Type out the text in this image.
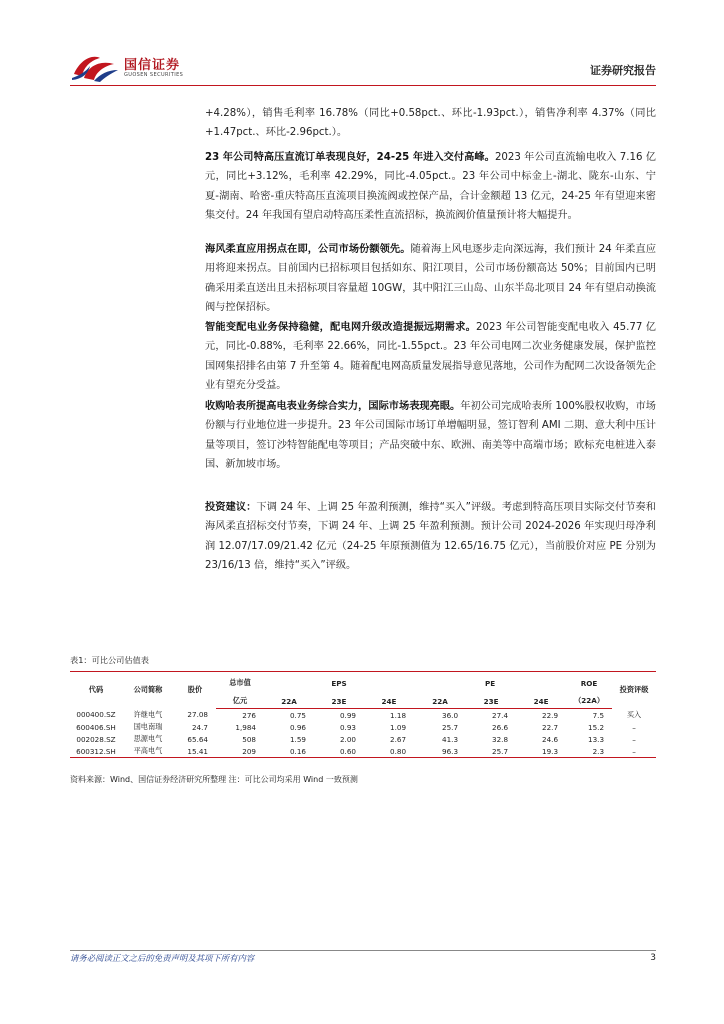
国信证券
GUOSEN SECURITIES	证券研究报告

+4.28%），销售毛利率 16.78%（同比+0.58pct.、环比-1.93pct.），销售净利率 4.37%（同比+1.47pct.、环比-2.96pct.）。

23 年公司特高压直流订单表现良好，24-25 年进入交付高峰。2023 年公司直流输电收入 7.16 亿元，同比+3.12%，毛利率 42.29%，同比-4.05pct.。23 年公司中标金上-湖北、陇东-山东、宁夏-湖南、哈密-重庆特高压直流项目换流阀或控保产品，合计金额超 13 亿元，24-25 年有望迎来密集交付。24 年我国有望启动特高压柔性直流招标，换流阀价值量预计将大幅提升。

海风柔直应用拐点在即，公司市场份额领先。随着海上风电逐步走向深远海，我们预计 24 年柔直应用将迎来拐点。目前国内已招标项目包括如东、阳江项目，公司市场份额高达 50%；目前国内已明确采用柔直送出且未招标项目容量超 10GW，其中阳江三山岛、山东半岛北项目 24 年有望启动换流阀与控保招标。

智能变配电业务保持稳健，配电网升级改造提振远期需求。2023 年公司智能变配电收入 45.77 亿元，同比-0.88%，毛利率 22.66%，同比-1.55pct.。23 年公司电网二次业务健康发展，保护监控国网集招排名由第 7 升至第 4。随着配电网高质量发展指导意见落地，公司作为配网二次设备领先企业有望充分受益。

收购哈表所提高电表业务综合实力，国际市场表现亮眼。年初公司完成哈表所 100%股权收购，市场份额与行业地位进一步提升。23 年公司国际市场订单增幅明显，签订智利 AMI 二期、意大利中压计量等项目，签订沙特智能配电等项目；产品突破中东、欧洲、南美等中高端市场；欧标充电桩进入泰国、新加坡市场。

投资建议：下调 24 年、上调 25 年盈利预测，维持“买入”评级。考虑到特高压项目实际交付节奏和海风柔直招标交付节奏，下调 24 年、上调 25 年盈利预测。预计公司 2024-2026 年实现归母净利润 12.07/17.09/21.42 亿元（24-25 年原预测值为 12.65/16.75 亿元），当前股价对应 PE 分别为 23/16/13 倍，维持“买入”评级。

表1：可比公司估值表
代码	公司简称	股价	总市值	EPS			PE			ROE	投资评级
			亿元	22A	23E	24E	22A	23E	24E	（22A）	
000400.SZ	许继电气	27.08	276	0.75	0.99	1.18	36.0	27.4	22.9	7.5	买入
600406.SH	国电南瑞	24.7	1,984	0.96	0.93	1.09	25.7	26.6	22.7	15.2	–
002028.SZ	思源电气	65.64	508	1.59	2.00	2.67	41.3	32.8	24.6	13.3	–
600312.SH	平高电气	15.41	209	0.16	0.60	0.80	96.3	25.7	19.3	2.3	–
资料来源：Wind、国信证券经济研究所整理 注：可比公司均采用 Wind 一致预测
请务必阅读正文之后的免责声明及其项下所有内容	3
